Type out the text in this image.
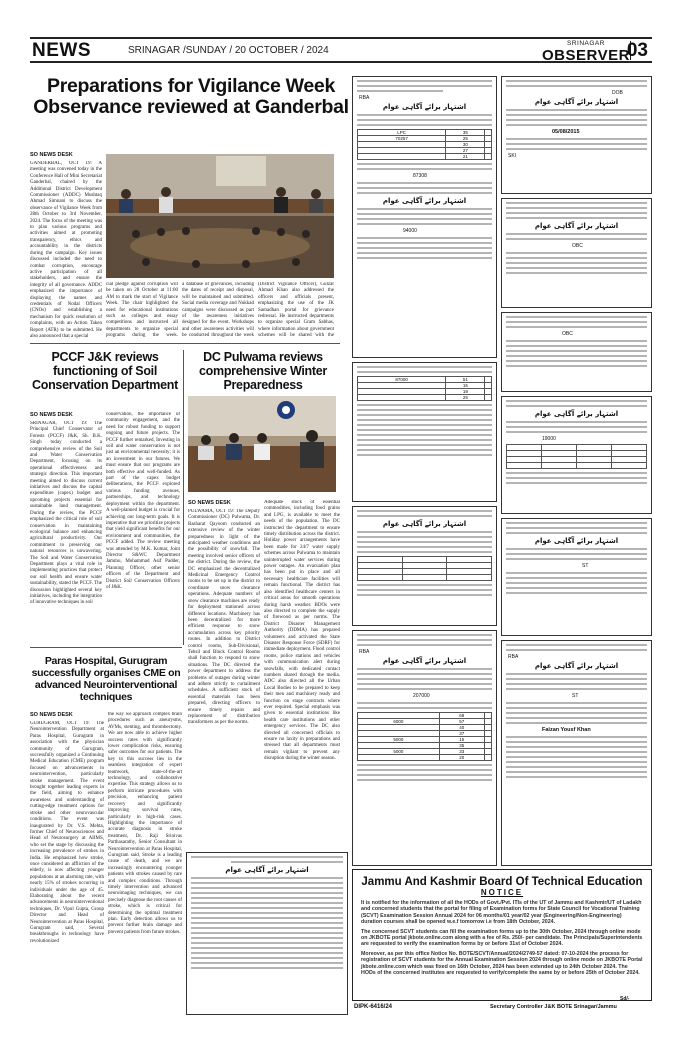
NEWS	SRINAGAR /SUNDAY / 20 OCTOBER / 2024
SRINAGAR
OBSERVER
03
Preparations for Vigilance Week Observance reviewed at Ganderbal
SO NEWS DESK
GANDERBAL, OCT 19: A meeting was convened today in the Conference Hall of Mini Secretariat Ganderbal, chaired by the Additional District Development Commissioner (ADDC) Mushtaq Ahmad Simnani to discuss the observance of Vigilance Week from 28th October to 3rd November, 2024. The focus of the meeting was to plan various programs and activities aimed at promoting transparency, ethics and accountability in the districts during the campaign. Key issues discussed included the need to combat corruption, encourage active participation of all stakeholders, and ensure the integrity of all governance. ADDC emphasized the importance of displaying the names and credentials of Nodal Officers (CNOs) and establishing a mechanism for quick resolution of complaints, with an Action Taken Report (ATR) to be submitted. He also announced that a special
cial pledge against corruption will be taken on 28 October at 11:00 AM to mark the start of Vigilance Week. The chair highlighted the need for educational institutions such as colleges and essay competitions and instructed all departments to organize special programs during the week.
a database of grievances, including the dates of receipt and disposal, will be maintained and submitted. Social media coverage and Nukkad campaigns were discussed as part of the awareness initiatives designed for the event. Workshops and other awareness activities will be conducted throughout the week
(District Vigilance Officer), Gulzar Ahmad Khan also addressed the officers and officials present, emphasizing the use of the JK Samadhan portal for grievance redressal. He instructed departments to organize special Gram Sabhas, where information about government schemes will be shared with the
PCCF J&K reviews functioning of Soil Conservation Department
SO NEWS DESK
SRINAGAR, OCT 19: The Principal Chief Conservator of Forests (PCCF) J&K, Sh. B.K. Singh today conducted a comprehensive review of the Soil and Water Conservation Department, focusing on its operational effectiveness and strategic direction. This important meeting aimed to discuss current initiatives and discuss the capital expenditure (capex) budget and upcoming projects essential for sustainable land management. During the review, the PCCF emphasized the critical role of soil conservation in maintaining ecological balance and enhancing agricultural productivity. Our commitment to preserving our natural resources is unwavering. The Soil and Water Conservation Department plays a vital role in implementing practices that protect our soil health and ensure water sustainability, stated the PCCF. The discussion highlighted several key initiatives, including the integration of innovative techniques in soil
conservation, the importance of community engagement, and the need for robust funding to support ongoing and future projects. The PCCF further remarked, Investing in soil and water conservation is not just an environmental necessity; it is an investment in our futures. We must ensure that our programs are both effective and well-funded. As part of the capex budget deliberations, the PCCF explored various funding avenues, partnerships, and technology deployment within the department. A well-planned budget is crucial for achieving our long-term goals. It is imperative that we prioritize projects that yield significant benefits for our environment and communities, the PCCF added. The review meeting was attended by M.K. Kumar, Joint Director S&WC Department Jammu, Mohammad Asif Padder, Planning Officer, other senior officers of the Department and District Soil Conservation Officers of J&K.
DC Pulwama reviews comprehensive Winter Preparedness
SO NEWS DESK
PULWAMA, OCT 19: The Deputy Commissioner (DC) Pulwama, Dr. Basharat Qayoom conducted an extensive review of the winter preparedness in light of the anticipated weather conditions and the possibility of snowfall. The meeting involved senior officers of the district. During the review, the DC emphasized the decentralized Medicinal Emergency Control rooms to be set up in the district to coordinate snow clearance operations. Adequate numbers of snow clearance machines are ready for deployment stationed across different locations. Machinery has been decentralized for more efficient response to snow accumulation across key priority routes. In addition to District control rooms, Sub-Divisional, Tehsil and Block Control Rooms shall function to respond to snow situations. The DC directed the power department to address the problems of outages during winter and adhere strictly to curtailment schedules. A sufficient stock of essential materials has been prepared, directing officers to ensure timely repairs and replacement of distribution transformers as per the norms.
Adequate stock of essential commodities, including food grains and LPG, is available to meet the needs of the population. The DC instructed the department to ensure timely distribution across the district. Holiday power arrangements have been made for 24/7 water supply schemes across Pulwama to maintain uninterrupted water services during power outages. An evacuation plan has been put in place and all necessary healthcare facilities will remain functional. The district has also identified healthcare centers in critical areas for smooth operations during harsh weather. BDOs were also directed to complete the supply of firewood as per norms. The District Disaster Management Authority (DDMA) has prepared volunteers and activated the State Disaster Response Force (SDRF) for immediate deployment. Flood control rooms, police stations and vehicles with communication alert during snowfalls, with dedicated contact numbers shared through the media. ADC also directed all the Urban Local Bodies to be prepared to keep their men and machinery ready and function on stage contracts where ever required. Special emphasis was given to essential institutions like health care institutions and other emergency services. The DC also directed all concerned officials to ensure no laxity in preparations and stressed that all departments must remain vigilant to prevent any disruption during the winter season.
Paras Hospital, Gurugram successfully organises CME on advanced Neurointerventional techniques
SO NEWS DESK
GURUGRAM, OCT 19: The Neurointervention Department at Paras Hospital, Gurugram in association with the physician community of Gurugram, successfully organized a Continuing Medical Education (CME) program focused on advancements in neurointervention, particularly stroke management. The event brought together leading experts in the field, aiming to enhance awareness and understanding of cutting-edge treatment options for stroke and other neurovascular conditions. The event was inaugurated by Dr. V.S. Mehta, former Chief of Neurosciences and Head of Neurosurgery at AIIMS, who set the stage by discussing the increasing prevalence of strokes in India. He emphasized how stroke, once considered an affliction of the elderly, is now affecting younger populations at an alarming rate, with nearly 15% of strokes occurring in individuals under the age of 45. Elaborating about the recent advancements in neurointerventional techniques, Dr. Vipul Gupta, Group Director and Head of Neurointervention at Paras Hospital, Gurugram said, Several breakthroughs in technology have revolutionized
the way we approach complex brain procedures such as aneurysms, AVMs, stenting, and thrombectomy. We are now able to achieve higher success rates with significantly lower complication risks, ensuring safer outcomes for our patients. The key to this success lies in the seamless integration of expert teamwork, state-of-the-art technology, and collaborative expertise. This strategy allows us to perform intricate procedures with precision, enhancing patient recovery and significantly improving survival rates, particularly in high-risk cases. Highlighting the importance of accurate diagnosis in stroke treatment, Dr. Raji Srinivas Parthasarathy, Senior Consultant in Neurointervention at Paras Hospital, Gurugram said, Stroke is a leading cause of death, and we are increasingly encountering younger patients with strokes caused by rare and complex conditions. Through timely intervention and advanced neuroimaging techniques, we can precisely diagnose the root causes of stroke, which is critical for determining the optimal treatment plan. Early detection allows us to prevent further brain damage and prevent patients from future strokes.
اشتہار برائے آگاہی عوام
RBA
اشتہار برائے آگاہی عوام
LPC	35	
70257	25	
	30	
	27	
	21	
87308
اشتہار برائے آگاہی عوام
94000
87000	51	
	15	
	19	
	25	
اشتہار برائے آگاہی عوام

RBA
اشتہار برائے آگاہی عوام
207000
	68	
6000	57	
	40	
	37	
5000	15	
	35	
5000	33	
	20	
DOB
اشتہار برائے آگاہی عوام
05/08/2015
SKI
اشتہار برائے آگاہی عوام
OBC
OBC
اشتہار برائے آگاہی عوام
19000

اشتہار برائے آگاہی عوام
ST
RBA
اشتہار برائے آگاہی عوام
ST
Faizan Yousf Khan
Jammu And Kashmir Board Of Technical Education
NOTICE

It is notified for the information of all the HODs of Govt./Pvt. ITIs of the UT of Jammu and Kashmir/UT of Ladakh and concerned students that the portal for filing of Examination forms for State Council for Vocational Training (SCVT) Examination Session Annual 2024 for 06 months/01 year/02 year (Engineering/Non-Engineering) duration courses shall be opened w.e.f tomorrow i.e from 18th October, 2024.

The concerned SCVT students can fill the examination forms up to the 30th October, 2024 through online mode on JKBOTE portal jkbote.online.com along with a fee of Rs. 250/- per candidate. The Principals/Superintendents are requested to verify the examination forms by or before 31st of October 2024.

Moreover, as per this office Notice No. BOTE/SCVT/Annual/2024/2749-57 dated: 07-10-2024 the process for registration of SCVT students for the Annual Examination Session 2024 through online mode on JKBOTE Portal jkbote.online.com which was fixed on 16th October, 2024 has been extended up to 24th October 2024. The HODs of the concerned institutes are requested to verify/complete the same by or before 25th of October 2024.

DIPK-6416/24
Sd/-
Secretary Controller J&K BOTE Srinagar/Jammu
